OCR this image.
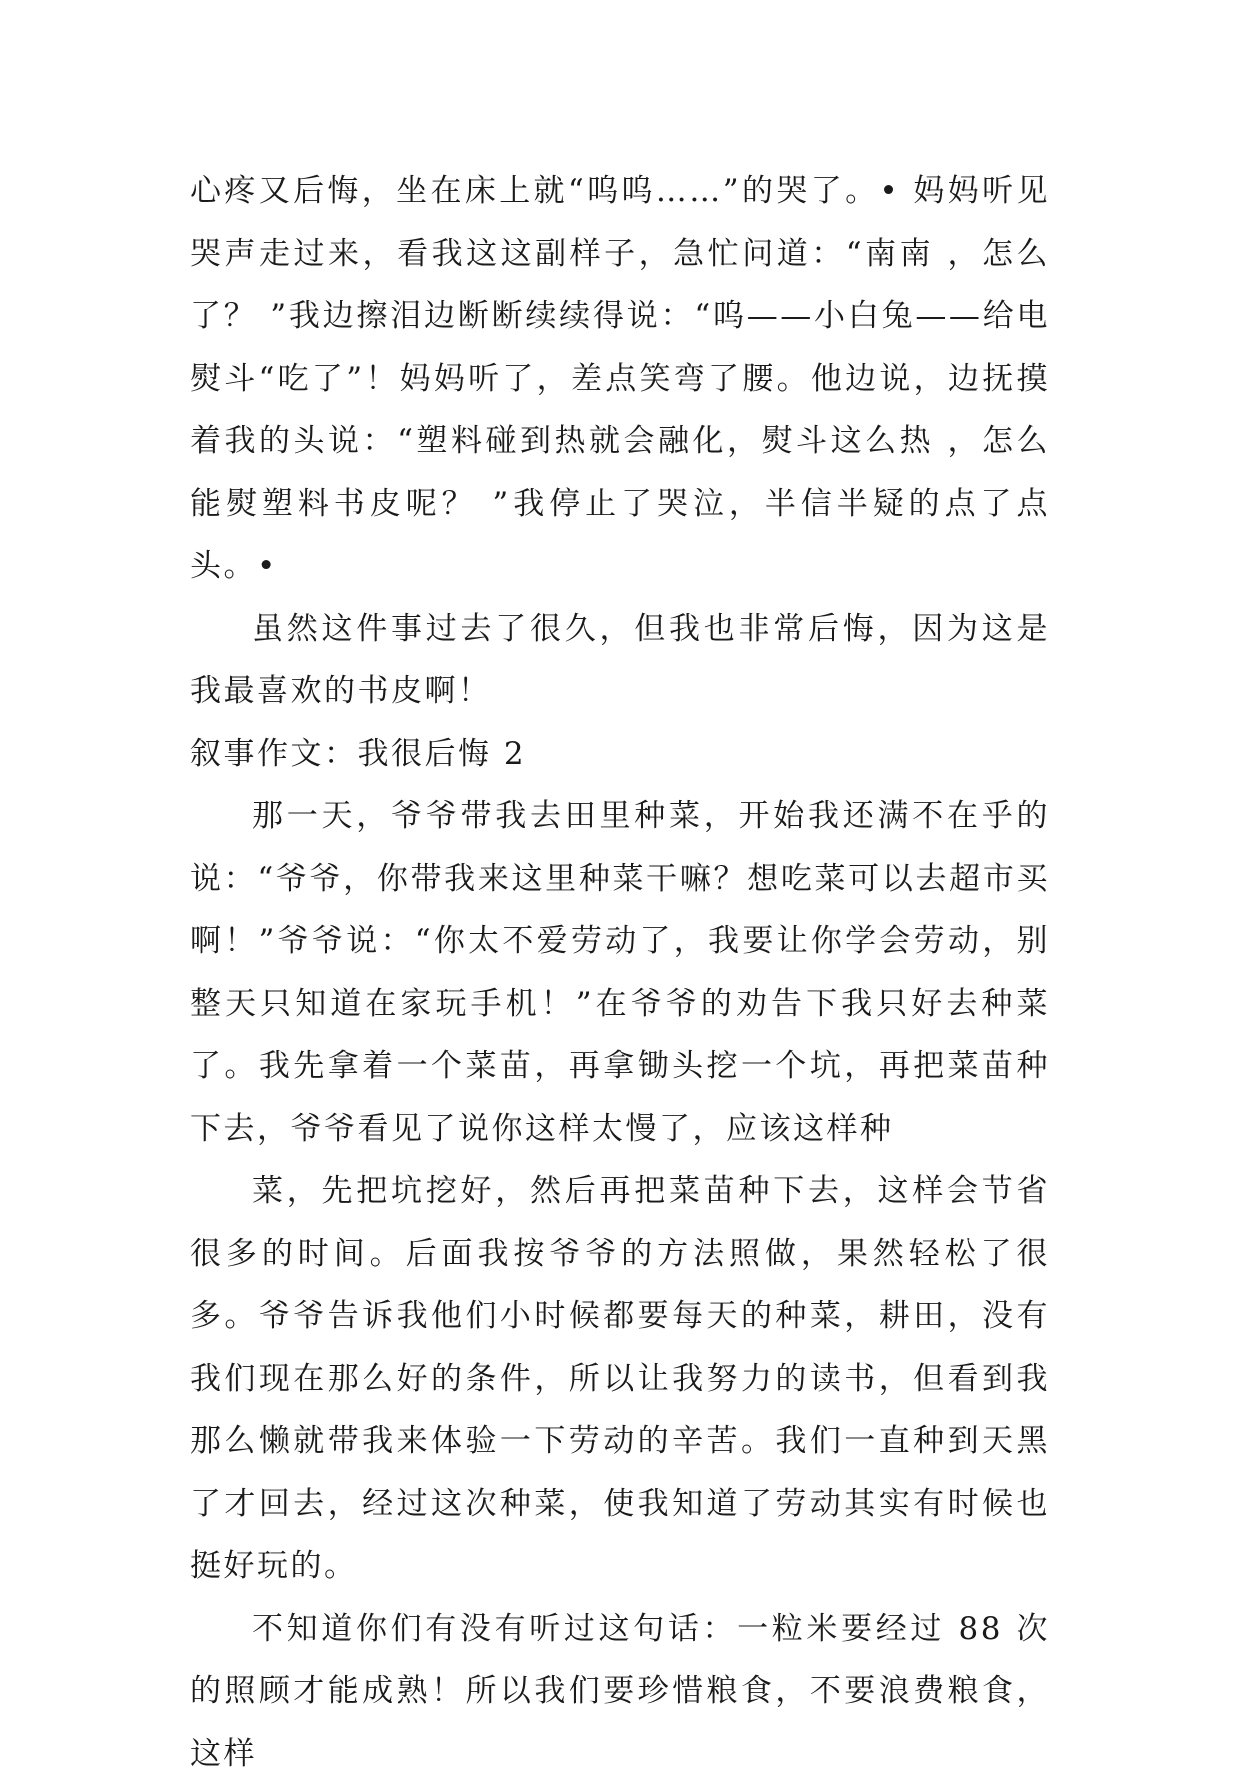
心疼又后悔，坐在床上就“呜呜……”的哭了。• 妈妈听见哭声走过来，看我这这副样子，急忙问道：“南南 ，怎么了？ ”我边擦泪边断断续续得说：“呜——小白兔——给电熨斗“吃了”！妈妈听了，差点笑弯了腰。他边说，边抚摸着我的头说：“塑料碰到热就会融化，熨斗这么热 ，怎么能熨塑料书皮呢？ ”我停止了哭泣，半信半疑的点了点头。•

虽然这件事过去了很久，但我也非常后悔，因为这是我最喜欢的书皮啊！

叙事作文：我很后悔 2

那一天，爷爷带我去田里种菜，开始我还满不在乎的说：“爷爷，你带我来这里种菜干嘛？想吃菜可以去超市买啊！”爷爷说：“你太不爱劳动了，我要让你学会劳动，别整天只知道在家玩手机！”在爷爷的劝告下我只好去种菜了。我先拿着一个菜苗，再拿锄头挖一个坑，再把菜苗种下去，爷爷看见了说你这样太慢了，应该这样种

菜，先把坑挖好，然后再把菜苗种下去，这样会节省很多的时间。后面我按爷爷的方法照做，果然轻松了很多。爷爷告诉我他们小时候都要每天的种菜，耕田，没有我们现在那么好的条件，所以让我努力的读书，但看到我那么懒就带我来体验一下劳动的辛苦。我们一直种到天黑了才回去，经过这次种菜，使我知道了劳动其实有时候也挺好玩的。

不知道你们有没有听过这句话：一粒米要经过 88 次的照顾才能成熟！所以我们要珍惜粮食，不要浪费粮食，这样
